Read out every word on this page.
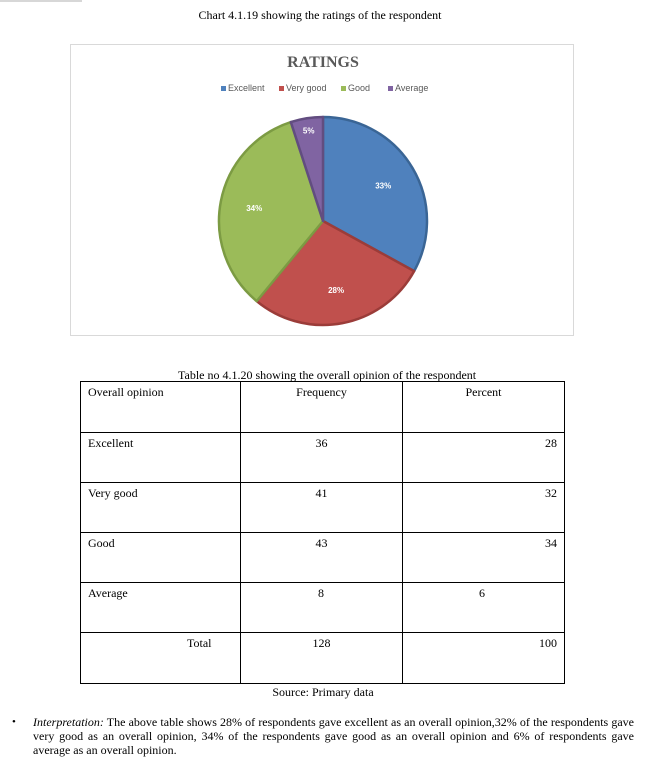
Chart 4.1.19 showing the ratings of the respondent
RATINGS
Excellent Very good Good	Average
33%
28%
34%
5%
Table no 4.1.20 showing the overall opinion of the respondent
Overall opinion	Frequency	Percent
Excellent	36	28
Very good	41	32
Good	43	34
Average	8	6
Total	128	100
Source: Primary data
• Interpretation: The above table shows 28% of respondents gave excellent as an overall opinion,32% of the respondents gave very good as an overall opinion, 34% of the respondents gave good as an overall opinion and 6% of respondents gave average as an overall opinion.
